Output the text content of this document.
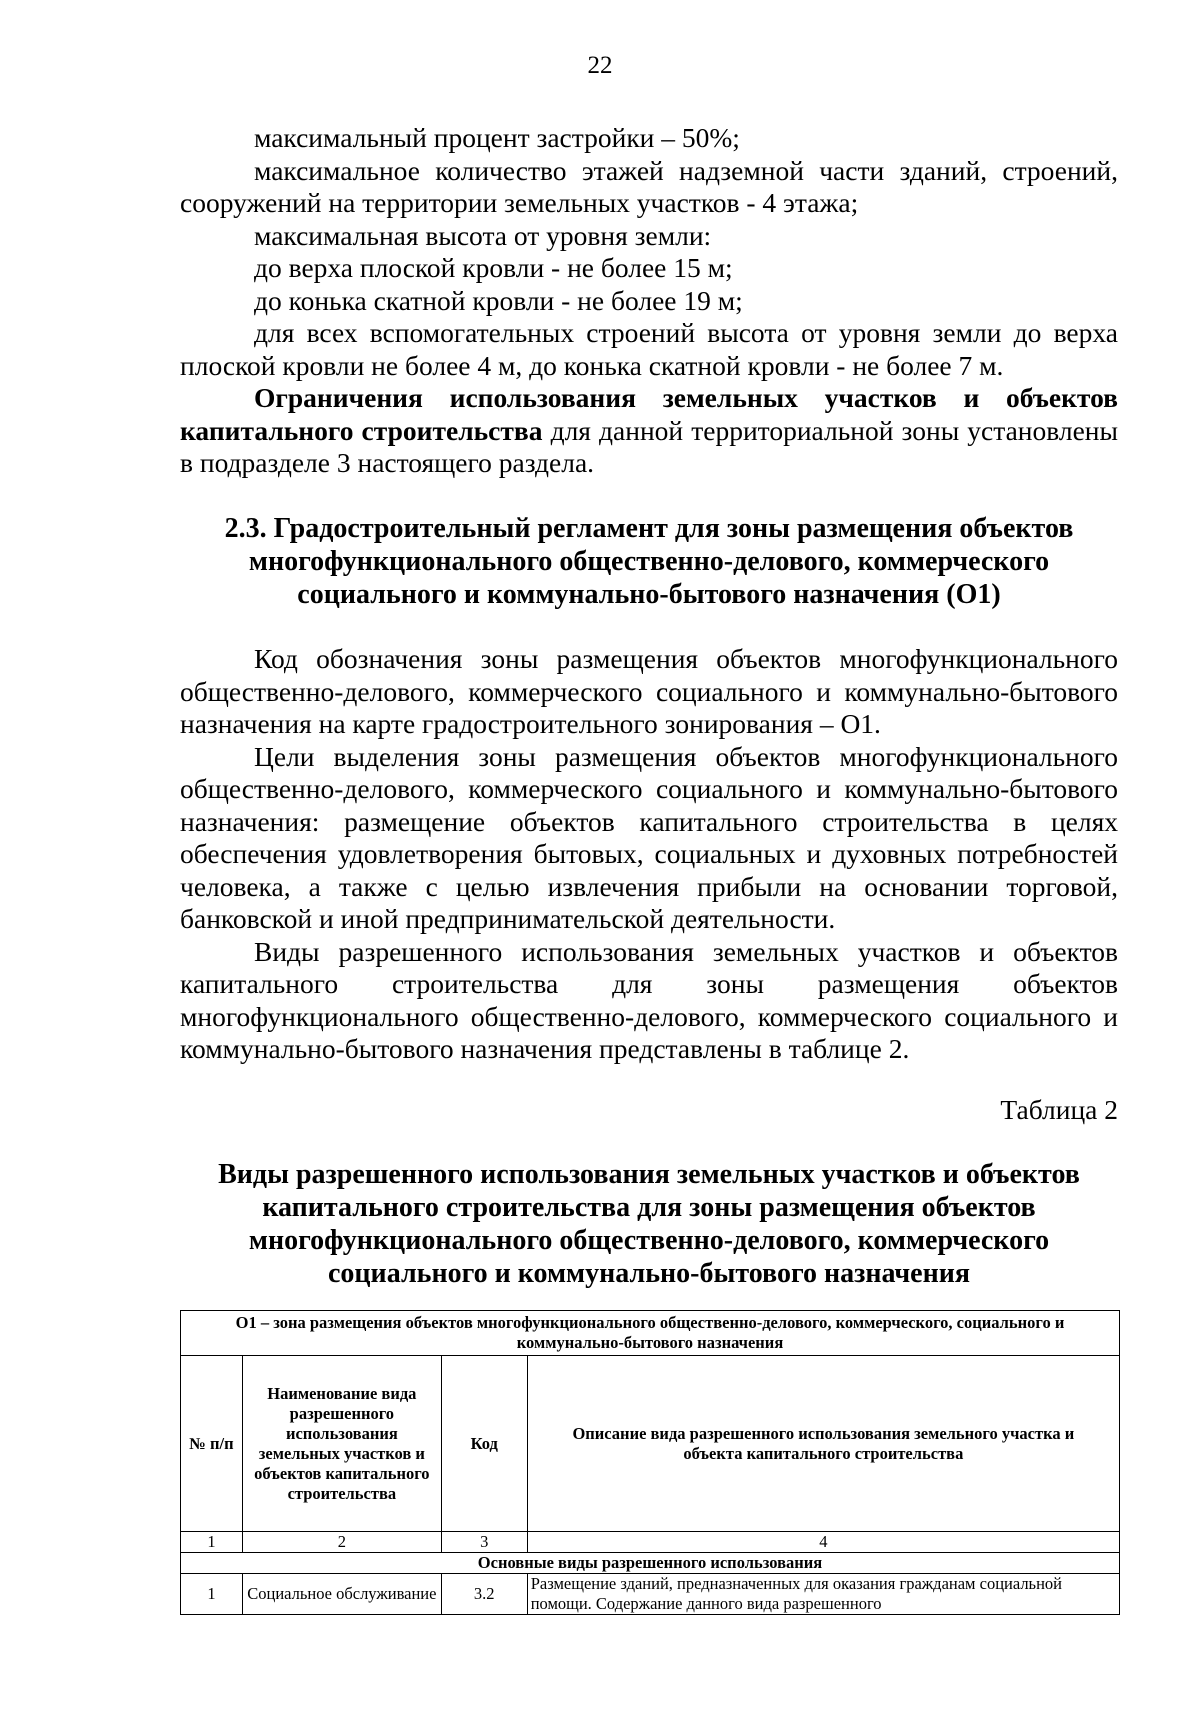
22

максимальный процент застройки – 50%;

максимальное количество этажей надземной части зданий, строений, сооружений на территории земельных участков - 4 этажа;

максимальная высота от уровня земли:

до верха плоской кровли - не более 15 м;

до конька скатной кровли - не более 19 м;

для всех вспомогательных строений высота от уровня земли до верха плоской кровли не более 4 м, до конька скатной кровли - не более 7 м.

Ограничения использования земельных участков и объектов капитального строительства для данной территориальной зоны установлены в подразделе 3 настоящего раздела.

2.3. Градостроительный регламент для зоны размещения объектов
многофункционального общественно-делового, коммерческого
социального и коммунально-бытового назначения (О1)

Код обозначения зоны размещения объектов многофункционального общественно-делового, коммерческого социального и коммунально-бытового назначения на карте градостроительного зонирования – О1.

Цели выделения зоны размещения объектов многофункционального общественно-делового, коммерческого социального и коммунально-бытового назначения: размещение объектов капитального строительства в целях обеспечения удовлетворения бытовых, социальных и духовных потребностей человека, а также с целью извлечения прибыли на основании торговой, банковской и иной предпринимательской деятельности.

Виды разрешенного использования земельных участков и объектов капитального строительства для зоны размещения объектов многофункционального общественно-делового, коммерческого социального и коммунально-бытового назначения представлены в таблице 2.

Таблица 2
Виды разрешенного использования земельных участков и объектов
капитального строительства для зоны размещения объектов
многофункционального общественно-делового, коммерческого
социального и коммунально-бытового назначения
О1 – зона размещения объектов многофункционального общественно-делового, коммерческого, социального и коммунально-бытового назначения			
№ п/п	Наименование вида разрешенного использования земельных участков и объектов капитального строительства	Код	Описание вида разрешенного использования земельного участка и объекта капитального строительства
1	2	3	4
Основные виды разрешенного использования			
1	Социальное обслуживание	3.2	Размещение зданий, предназначенных для оказания гражданам социальной помощи. Содержание данного вида разрешенного
